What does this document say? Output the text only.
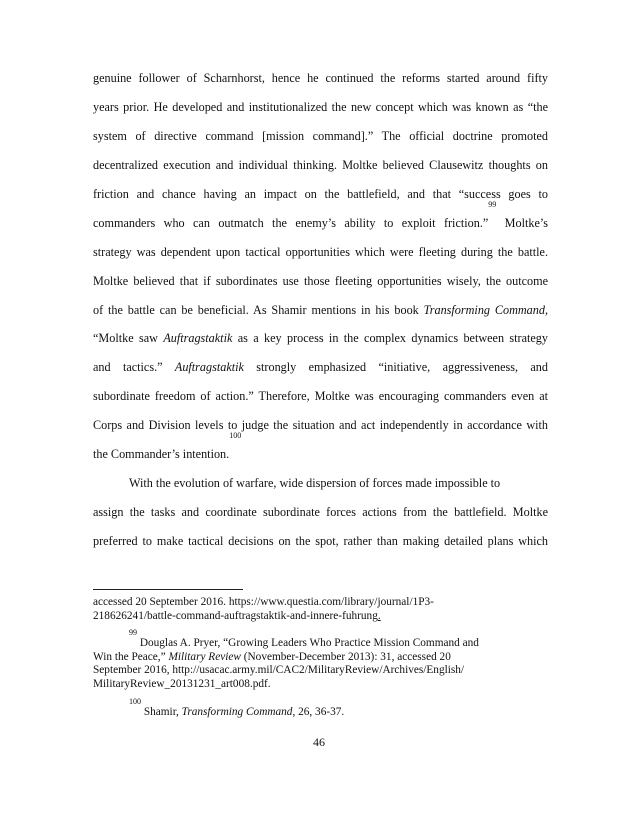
genuine follower of Scharnhorst, hence he continued the reforms started around fifty
years prior. He developed and institutionalized the new concept which was known as “the
system of directive command [mission command].” The official doctrine promoted
decentralized execution and individual thinking. Moltke believed Clausewitz thoughts on
friction and chance having an impact on the battlefield, and that “success goes to
commanders who can outmatch the enemy’s ability to exploit friction.”$^{99}$ Moltke’s
strategy was dependent upon tactical opportunities which were fleeting during the battle.
Moltke believed that if subordinates use those fleeting opportunities wisely, the outcome
of the battle can be beneficial. As Shamir mentions in his book Transforming Command,
“Moltke saw Auftragstaktik as a key process in the complex dynamics between strategy
and tactics.” Auftragstaktik strongly emphasized “initiative, aggressiveness, and
subordinate freedom of action.” Therefore, Moltke was encouraging commanders even at
Corps and Division levels to judge the situation and act independently in accordance with
the Commander’s intention.$^{100}$
With the evolution of warfare, wide dispersion of forces made impossible to
assign the tasks and coordinate subordinate forces actions from the battlefield. Moltke
preferred to make tactical decisions on the spot, rather than making detailed plans which
accessed 20 September 2016. https://www.questia.com/library/journal/1P3-
218626241/battle-command-auftragstaktik-and-innere-fuhrung.
$^{99}$ Douglas A. Pryer, “Growing Leaders Who Practice Mission Command and
Win the Peace,” Military Review (November-December 2013): 31, accessed 20
September 2016, http://usacac.army.mil/CAC2/MilitaryReview/Archives/English/
MilitaryReview_20131231_art008.pdf.
$^{100}$ Shamir, Transforming Command, 26, 36-37.
46
